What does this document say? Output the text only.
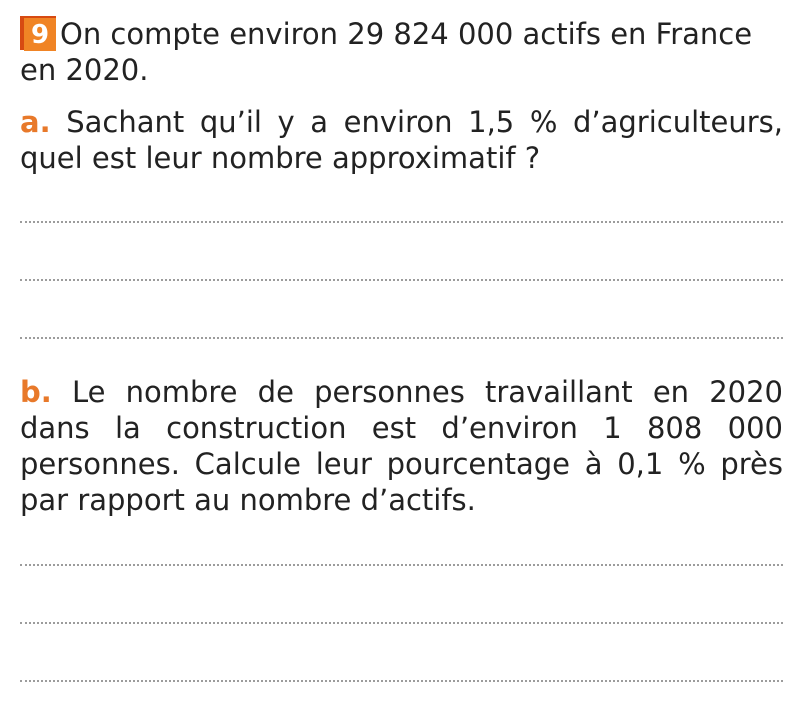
9 On compte environ 29 824 000 actifs en France en 2020.

a. Sachant qu’il y a environ 1,5 % d’agriculteurs, quel est leur nombre approximatif ?

b. Le nombre de personnes travaillant en 2020 dans la construction est d’environ 1 808 000 personnes. Calcule leur pourcentage à 0,1 % près par rapport au nombre d’actifs.
